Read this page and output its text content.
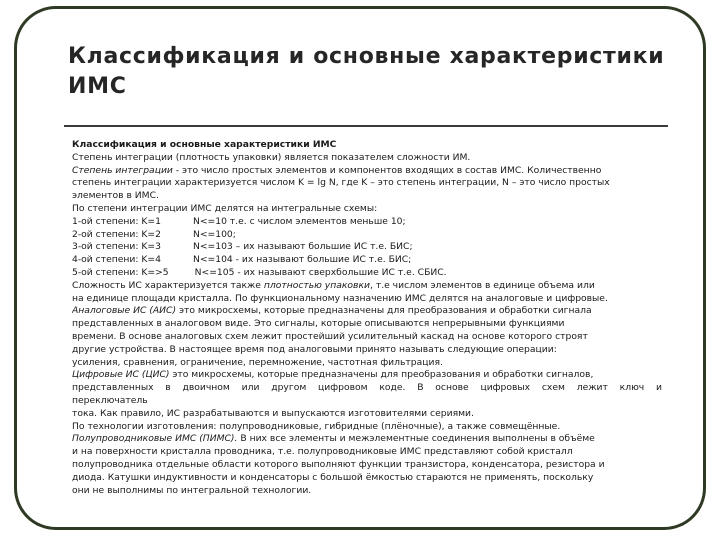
Классификация и основные характеристики ИМС
Классификация и основные характеристики ИМС
Степень интеграции (плотность упаковки) является показателем сложности ИМ.
Степень интеграции - это число простых элементов и компонентов входящих в состав ИМС. Количественно
степень интеграции характеризуется числом K = lg N, где K – это степень интеграции, N – это число простых
элементов в ИМС.
По степени интеграции ИМС делятся на интегральные схемы:
1-ой степени: K=1	N<=10 т.е. с числом элементов меньше 10;
2-ой степени: K=2	N<=100;
3-ой степени: K=3	N<=103 – их называют большие ИС т.е. БИС;
4-ой степени: K=4	N<=104 - их называют большие ИС т.е. БИС;
5-ой степени: K=>5	N<=105 - их называют сверхбольшие ИС т.е. СБИС.
Сложность ИС характеризуется также плотностью упаковки, т.е числом элементов в единице объема или
на единице площади кристалла. По функциональному назначению ИМС делятся на аналоговые и цифровые.
Аналоговые ИС (АИС) это микросхемы, которые предназначены для преобразования и обработки сигнала
представленных в аналоговом виде. Это сигналы, которые описываются непрерывными функциями
времени. В основе аналоговых схем лежит простейший усилительный каскад на основе которого строят
другие устройства. В настоящее время под аналоговыми принято называть следующие операции:
усиления, сравнения, ограничение, перемножение, частотная фильтрация.
Цифровые ИС (ЦИС) это микросхемы, которые предназначены для преобразования и обработки сигналов,
представленных в двоичном или другом цифровом коде. В основе цифровых схем лежит ключ и
переключатель
тока. Как правило, ИС разрабатываются и выпускаются изготовителями сериями.
По технологии изготовления: полупроводниковые, гибридные (плёночные), а также совмещённые.
Полупроводниковые ИМС (ПИМС). В них все элементы и межэлементные соединения выполнены в объёме
и на поверхности кристалла проводника, т.е. полупроводниковые ИМС представляют собой кристалл
полупроводника отдельные области которого выполняют функции транзистора, конденсатора, резистора и
диода. Катушки индуктивности и конденсаторы с большой ёмкостью стараются не применять, поскольку
они не выполнимы по интегральной технологии.
